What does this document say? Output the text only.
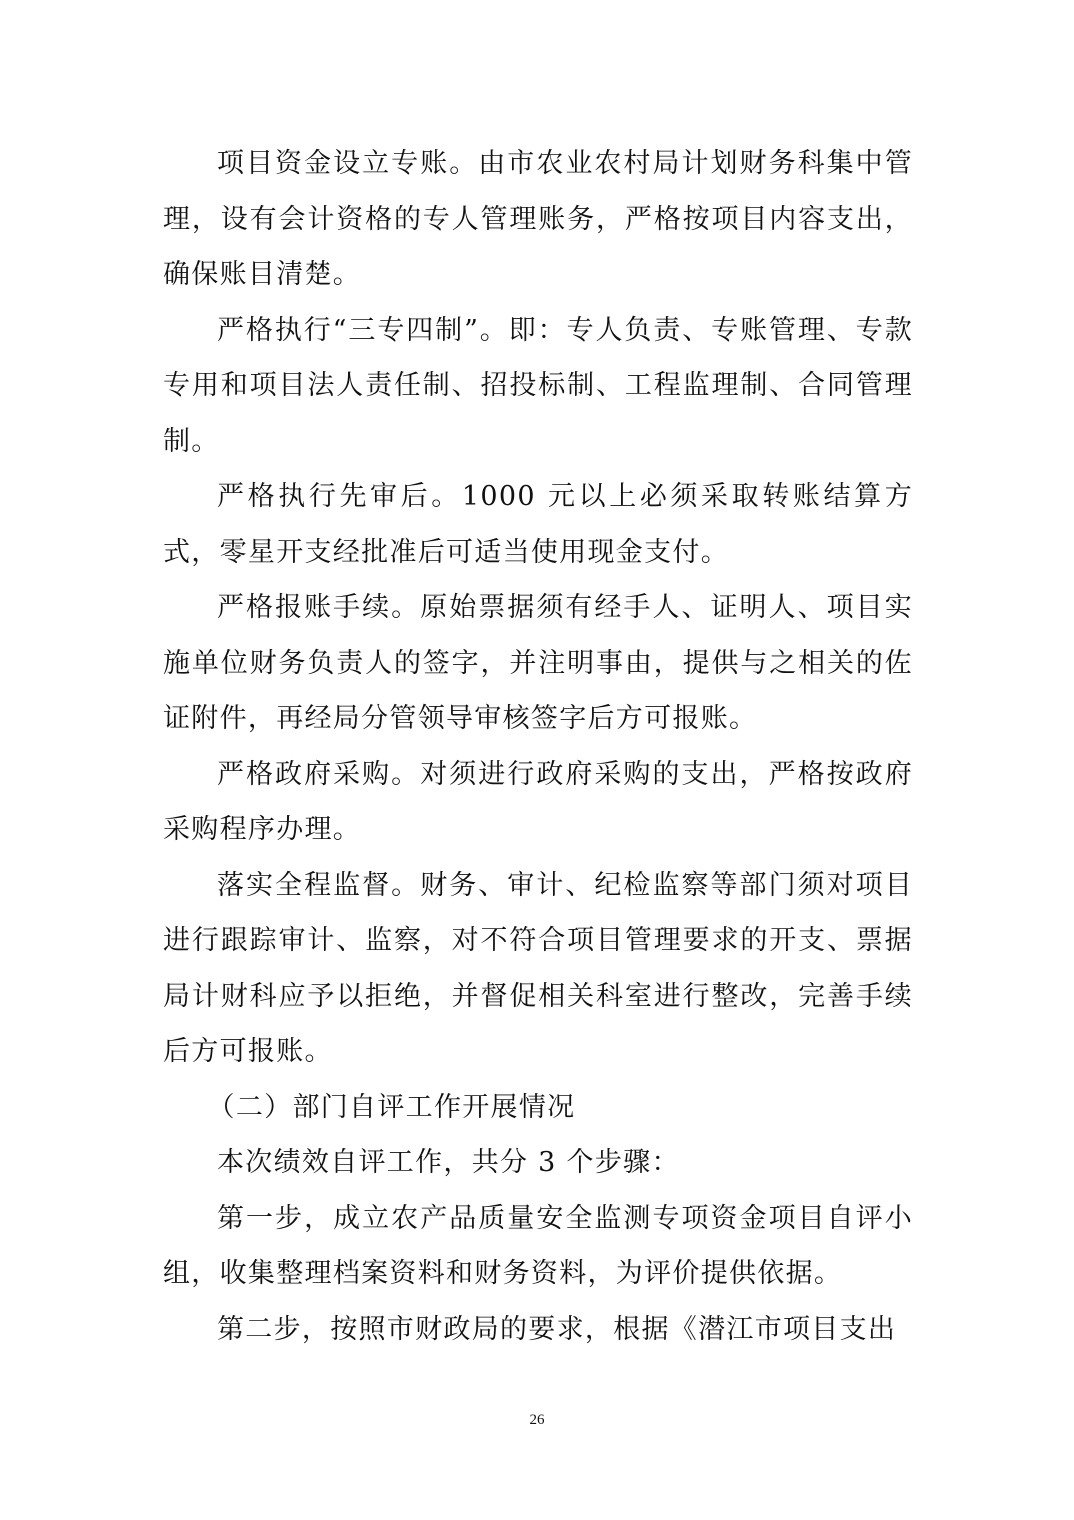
项目资金设立专账。由市农业农村局计划财务科集中管理，设有会计资格的专人管理账务，严格按项目内容支出，确保账目清楚。

严格执行“三专四制”。即：专人负责、专账管理、专款专用和项目法人责任制、招投标制、工程监理制、合同管理制。

严格执行先审后。1000 元以上必须采取转账结算方式，零星开支经批准后可适当使用现金支付。

严格报账手续。原始票据须有经手人、证明人、项目实施单位财务负责人的签字，并注明事由，提供与之相关的佐证附件，再经局分管领导审核签字后方可报账。

严格政府采购。对须进行政府采购的支出，严格按政府采购程序办理。

落实全程监督。财务、审计、纪检监察等部门须对项目进行跟踪审计、监察，对不符合项目管理要求的开支、票据局计财科应予以拒绝，并督促相关科室进行整改，完善手续后方可报账。

（二）部门自评工作开展情况

本次绩效自评工作，共分 3 个步骤：

第一步，成立农产品质量安全监测专项资金项目自评小组，收集整理档案资料和财务资料，为评价提供依据。

第二步，按照市财政局的要求，根据《潜江市项目支出

26
